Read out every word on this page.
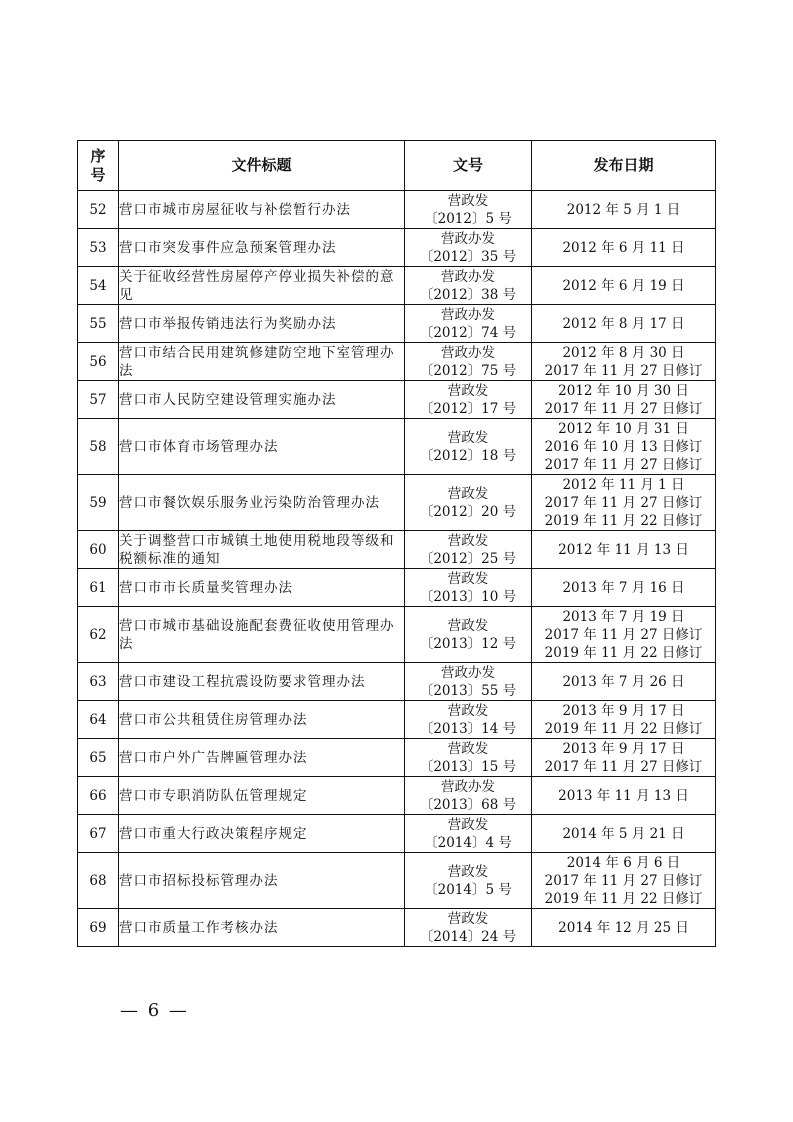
序
号	文件标题	文号	发布日期
52	营口市城市房屋征收与补偿暂行办法	营政发
〔2012〕5 号	2012 年 5 月 1 日

53	营口市突发事件应急预案管理办法	营政办发
〔2012〕35 号	2012 年 6 月 11 日

54	关于征收经营性房屋停产停业损失补偿的意见	营政办发
〔2012〕38 号	2012 年 6 月 19 日

55	营口市举报传销违法行为奖励办法	营政办发
〔2012〕74 号	2012 年 8 月 17 日

56	营口市结合民用建筑修建防空地下室管理办法	营政办发
〔2012〕75 号	2012 年 8 月 30 日
2017 年 11 月 27 日修订

57	营口市人民防空建设管理实施办法	营政发
〔2012〕17 号	2012 年 10 月 30 日
2017 年 11 月 27 日修订

58	营口市体育市场管理办法	营政发
〔2012〕18 号	2012 年 10 月 31 日
2016 年 10 月 13 日修订
2017 年 11 月 27 日修订

59	营口市餐饮娱乐服务业污染防治管理办法	营政发
〔2012〕20 号	2012 年 11 月 1 日
2017 年 11 月 27 日修订
2019 年 11 月 22 日修订

60	关于调整营口市城镇土地使用税地段等级和税额标准的通知	营政发
〔2012〕25 号	2012 年 11 月 13 日

61	营口市市长质量奖管理办法	营政发
〔2013〕10 号	2013 年 7 月 16 日

62	营口市城市基础设施配套费征收使用管理办法	营政发
〔2013〕12 号	2013 年 7 月 19 日
2017 年 11 月 27 日修订
2019 年 11 月 22 日修订

63	营口市建设工程抗震设防要求管理办法	营政办发
〔2013〕55 号	2013 年 7 月 26 日

64	营口市公共租赁住房管理办法	营政发
〔2013〕14 号	2013 年 9 月 17 日
2019 年 11 月 22 日修订

65	营口市户外广告牌匾管理办法	营政发
〔2013〕15 号	2013 年 9 月 17 日
2017 年 11 月 27 日修订

66	营口市专职消防队伍管理规定	营政办发
〔2013〕68 号	2013 年 11 月 13 日

67	营口市重大行政决策程序规定	营政发
〔2014〕4 号	2014 年 5 月 21 日

68	营口市招标投标管理办法	营政发
〔2014〕5 号	2014 年 6 月 6 日
2017 年 11 月 27 日修订
2019 年 11 月 22 日修订

69	营口市质量工作考核办法	营政发
〔2014〕24 号	2014 年 12 月 25 日
— 6 —
